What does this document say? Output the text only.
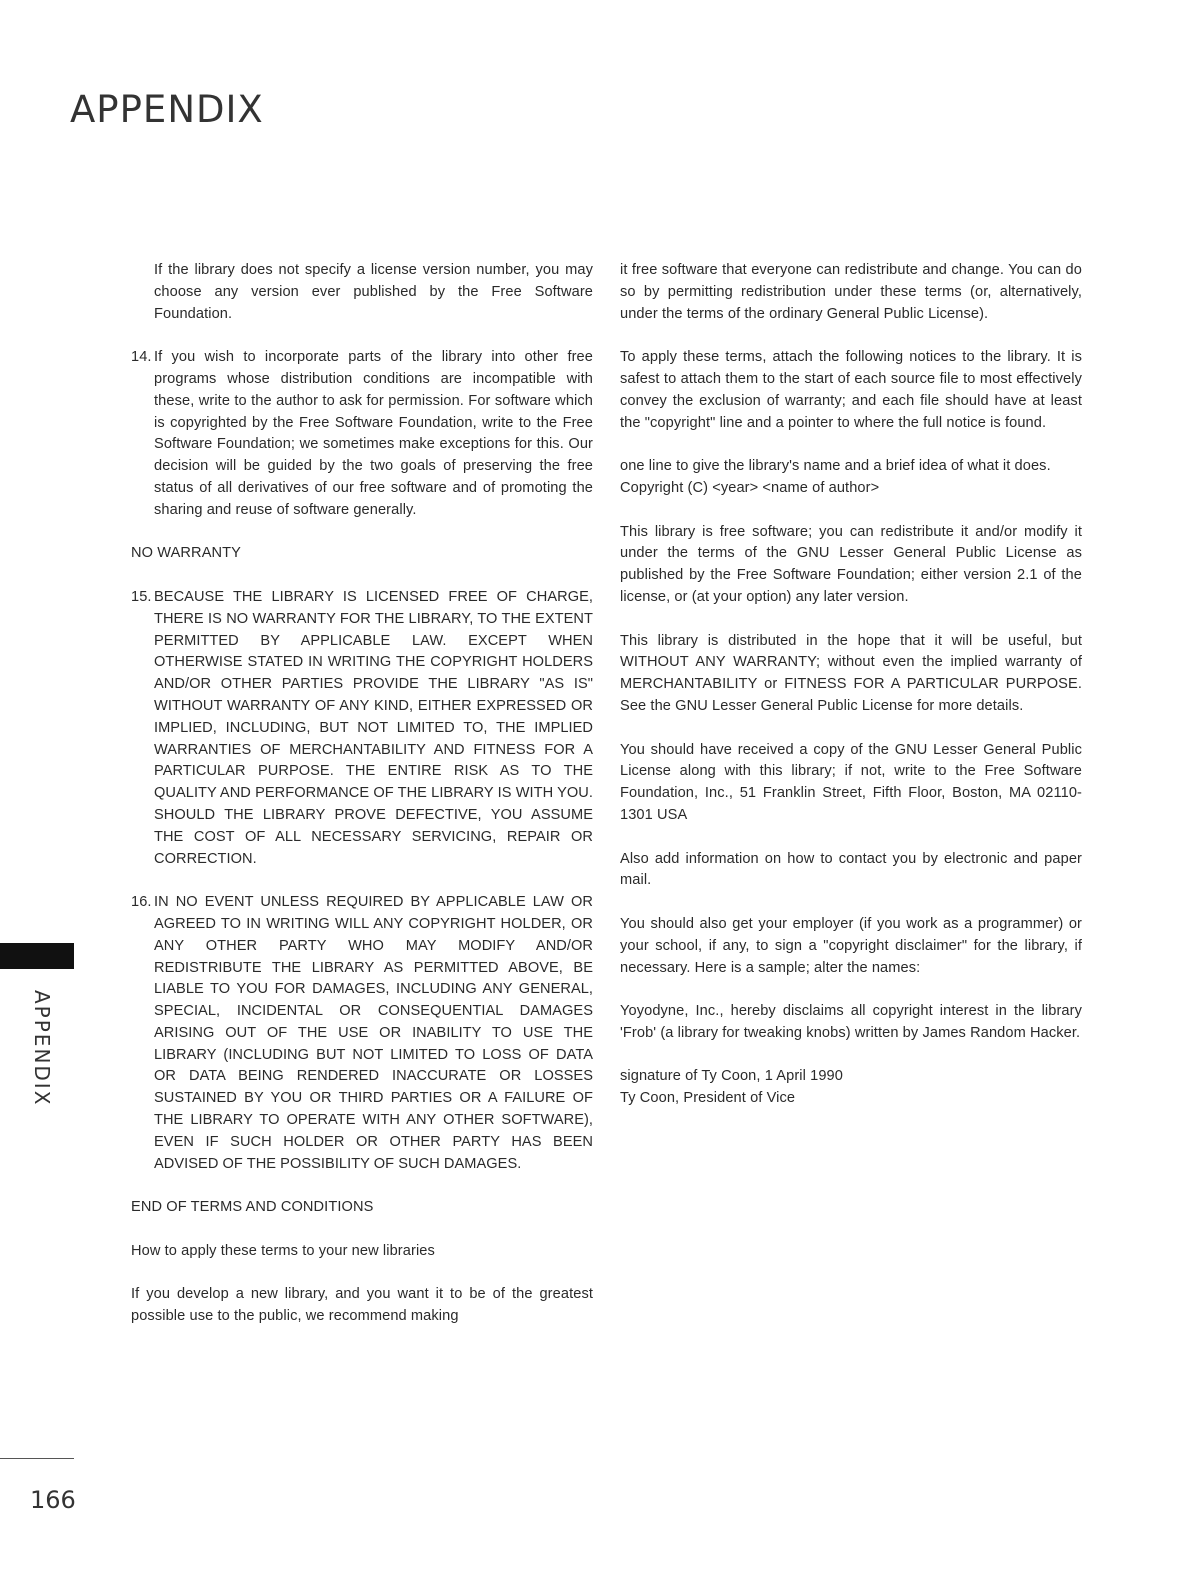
APPENDIX

If the library does not specify a license version number, you may choose any version ever published by the Free Software Foundation.

14. If you wish to incorporate parts of the library into other free programs whose distribution conditions are incompatible with these, write to the author to ask for permission. For software which is copyrighted by the Free Software Foundation, write to the Free Software Foundation; we sometimes make exceptions for this. Our decision will be guided by the two goals of preserving the free status of all derivatives of our free software and of promoting the sharing and reuse of software generally.

NO WARRANTY

15. BECAUSE THE LIBRARY IS LICENSED FREE OF CHARGE, THERE IS NO WARRANTY FOR THE LIBRARY, TO THE EXTENT PERMITTED BY APPLICABLE LAW. EXCEPT WHEN OTHERWISE STATED IN WRITING THE COPYRIGHT HOLDERS AND/OR OTHER PARTIES PROVIDE THE LIBRARY "AS IS" WITHOUT WARRANTY OF ANY KIND, EITHER EXPRESSED OR IMPLIED, INCLUDING, BUT NOT LIMITED TO, THE IMPLIED WARRANTIES OF MERCHANTABILITY AND FITNESS FOR A PARTICULAR PURPOSE. THE ENTIRE RISK AS TO THE QUALITY AND PERFORMANCE OF THE LIBRARY IS WITH YOU. SHOULD THE LIBRARY PROVE DEFECTIVE, YOU ASSUME THE COST OF ALL NECESSARY SERVICING, REPAIR OR CORRECTION.
16. IN NO EVENT UNLESS REQUIRED BY APPLICABLE LAW OR AGREED TO IN WRITING WILL ANY COPYRIGHT HOLDER, OR ANY OTHER PARTY WHO MAY MODIFY AND/OR REDISTRIBUTE THE LIBRARY AS PERMITTED ABOVE, BE LIABLE TO YOU FOR DAMAGES, INCLUDING ANY GENERAL, SPECIAL, INCIDENTAL OR CONSEQUENTIAL DAMAGES ARISING OUT OF THE USE OR INABILITY TO USE THE LIBRARY (INCLUDING BUT NOT LIMITED TO LOSS OF DATA OR DATA BEING RENDERED INACCURATE OR LOSSES SUSTAINED BY YOU OR THIRD PARTIES OR A FAILURE OF THE LIBRARY TO OPERATE WITH ANY OTHER SOFTWARE), EVEN IF SUCH HOLDER OR OTHER PARTY HAS BEEN ADVISED OF THE POSSIBILITY OF SUCH DAMAGES.

END OF TERMS AND CONDITIONS

How to apply these terms to your new libraries

If you develop a new library, and you want it to be of the greatest possible use to the public, we recommend making

it free software that everyone can redistribute and change. You can do so by permitting redistribution under these terms (or, alternatively, under the terms of the ordinary General Public License).

To apply these terms, attach the following notices to the library. It is safest to attach them to the start of each source file to most effectively convey the exclusion of warranty; and each file should have at least the "copyright" line and a pointer to where the full notice is found.

one line to give the library's name and a brief idea of what it does.

Copyright (C) <year> <name of author>

This library is free software; you can redistribute it and/or modify it under the terms of the GNU Lesser General Public License as published by the Free Software Foundation; either version 2.1 of the license, or (at your option) any later version.

This library is distributed in the hope that it will be useful, but WITHOUT ANY WARRANTY; without even the implied warranty of MERCHANTABILITY or FITNESS FOR A PARTICULAR PURPOSE. See the GNU Lesser General Public License for more details.

You should have received a copy of the GNU Lesser General Public License along with this library; if not, write to the Free Software Foundation, Inc., 51 Franklin Street, Fifth Floor, Boston, MA 02110-1301 USA

Also add information on how to contact you by electronic and paper mail.

You should also get your employer (if you work as a programmer) or your school, if any, to sign a "copyright disclaimer" for the library, if necessary. Here is a sample; alter the names:

Yoyodyne, Inc., hereby disclaims all copyright interest in the library 'Frob' (a library for tweaking knobs) written by James Random Hacker.

signature of Ty Coon, 1 April 1990

Ty Coon, President of Vice

APPENDIX
166
